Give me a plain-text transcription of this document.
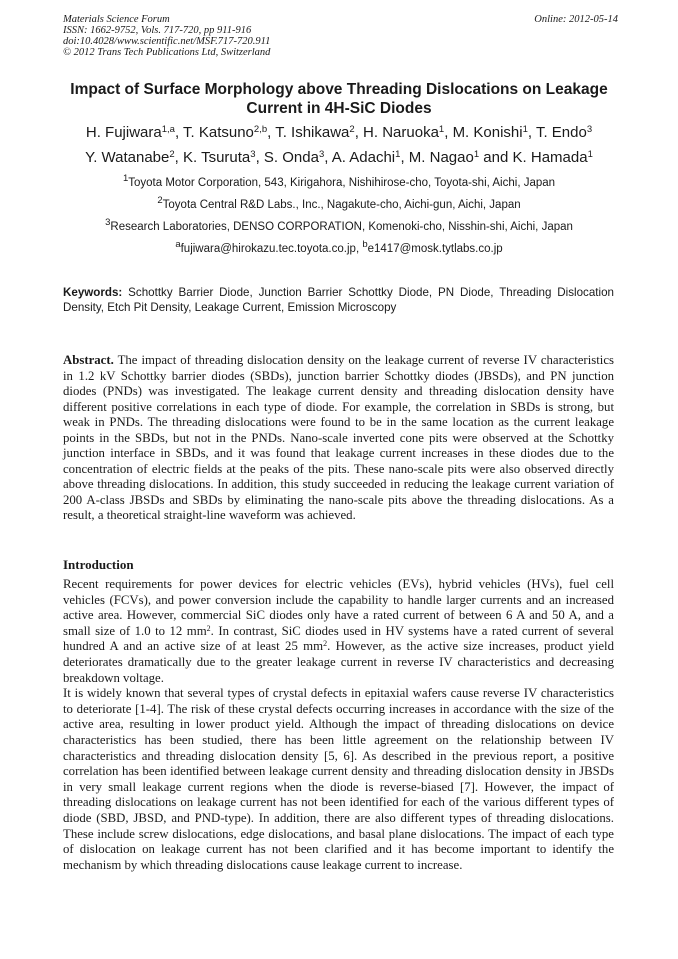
Materials Science Forum
ISSN: 1662-9752, Vols. 717-720, pp 911-916
doi:10.4028/www.scientific.net/MSF.717-720.911
© 2012 Trans Tech Publications Ltd, Switzerland
Online: 2012-05-14
Impact of Surface Morphology above Threading Dislocations on Leakage Current in 4H-SiC Diodes
H. Fujiwara$^{1,a}$, T. Katsuno$^{2,b}$, T. Ishikawa$^2$, H. Naruoka$^1$, M. Konishi$^1$, T. Endo$^3$
Y. Watanabe$^2$, K. Tsuruta$^3$, S. Onda$^3$, A. Adachi$^1$, M. Nagao$^1$ and K. Hamada$^1$
$^1$Toyota Motor Corporation, 543, Kirigahora, Nishihirose-cho, Toyota-shi, Aichi, Japan
$^2$Toyota Central R&D Labs., Inc., Nagakute-cho, Aichi-gun, Aichi, Japan
$^3$Research Laboratories, DENSO CORPORATION, Komenoki-cho, Nisshin-shi, Aichi, Japan
$^a$fujiwara@hirokazu.tec.toyota.co.jp, $^b$e1417@mosk.tytlabs.co.jp
Keywords: Schottky Barrier Diode, Junction Barrier Schottky Diode, PN Diode, Threading Dislocation Density, Etch Pit Density, Leakage Current, Emission Microscopy
Abstract. The impact of threading dislocation density on the leakage current of reverse IV characteristics in 1.2 kV Schottky barrier diodes (SBDs), junction barrier Schottky diodes (JBSDs), and PN junction diodes (PNDs) was investigated. The leakage current density and threading dislocation density have different positive correlations in each type of diode. For example, the correlation in SBDs is strong, but weak in PNDs. The threading dislocations were found to be in the same location as the current leakage points in the SBDs, but not in the PNDs. Nano-scale inverted cone pits were observed at the Schottky junction interface in SBDs, and it was found that leakage current increases in these diodes due to the concentration of electric fields at the peaks of the pits. These nano-scale pits were also observed directly above threading dislocations. In addition, this study succeeded in reducing the leakage current variation of 200 A-class JBSDs and SBDs by eliminating the nano-scale pits above the threading dislocations. As a result, a theoretical straight-line waveform was achieved.
Introduction

Recent requirements for power devices for electric vehicles (EVs), hybrid vehicles (HVs), fuel cell vehicles (FCVs), and power conversion include the capability to handle larger currents and an increased active area. However, commercial SiC diodes only have a rated current of between 6 A and 50 A, and a small size of 1.0 to 12 $mm^2$. In contrast, SiC diodes used in HV systems have a rated current of several hundred A and an active size of at least 25 $mm^2$. However, as the active size increases, product yield deteriorates dramatically due to the greater leakage current in reverse IV characteristics and decreasing breakdown voltage.

It is widely known that several types of crystal defects in epitaxial wafers cause reverse IV characteristics to deteriorate [1-4]. The risk of these crystal defects occurring increases in accordance with the size of the active area, resulting in lower product yield. Although the impact of threading dislocations on device characteristics has been studied, there has been little agreement on the relationship between IV characteristics and threading dislocation density [5, 6]. As described in the previous report, a positive correlation has been identified between leakage current density and threading dislocation density in JBSDs in very small leakage current regions when the diode is reverse-biased [7]. However, the impact of threading dislocations on leakage current has not been identified for each of the various different types of diode (SBD, JBSD, and PND-type). In addition, there are also different types of threading dislocations. These include screw dislocations, edge dislocations, and basal plane dislocations. The impact of each type of dislocation on leakage current has not been clarified and it has become important to identify the mechanism by which threading dislocations cause leakage current to increase.
